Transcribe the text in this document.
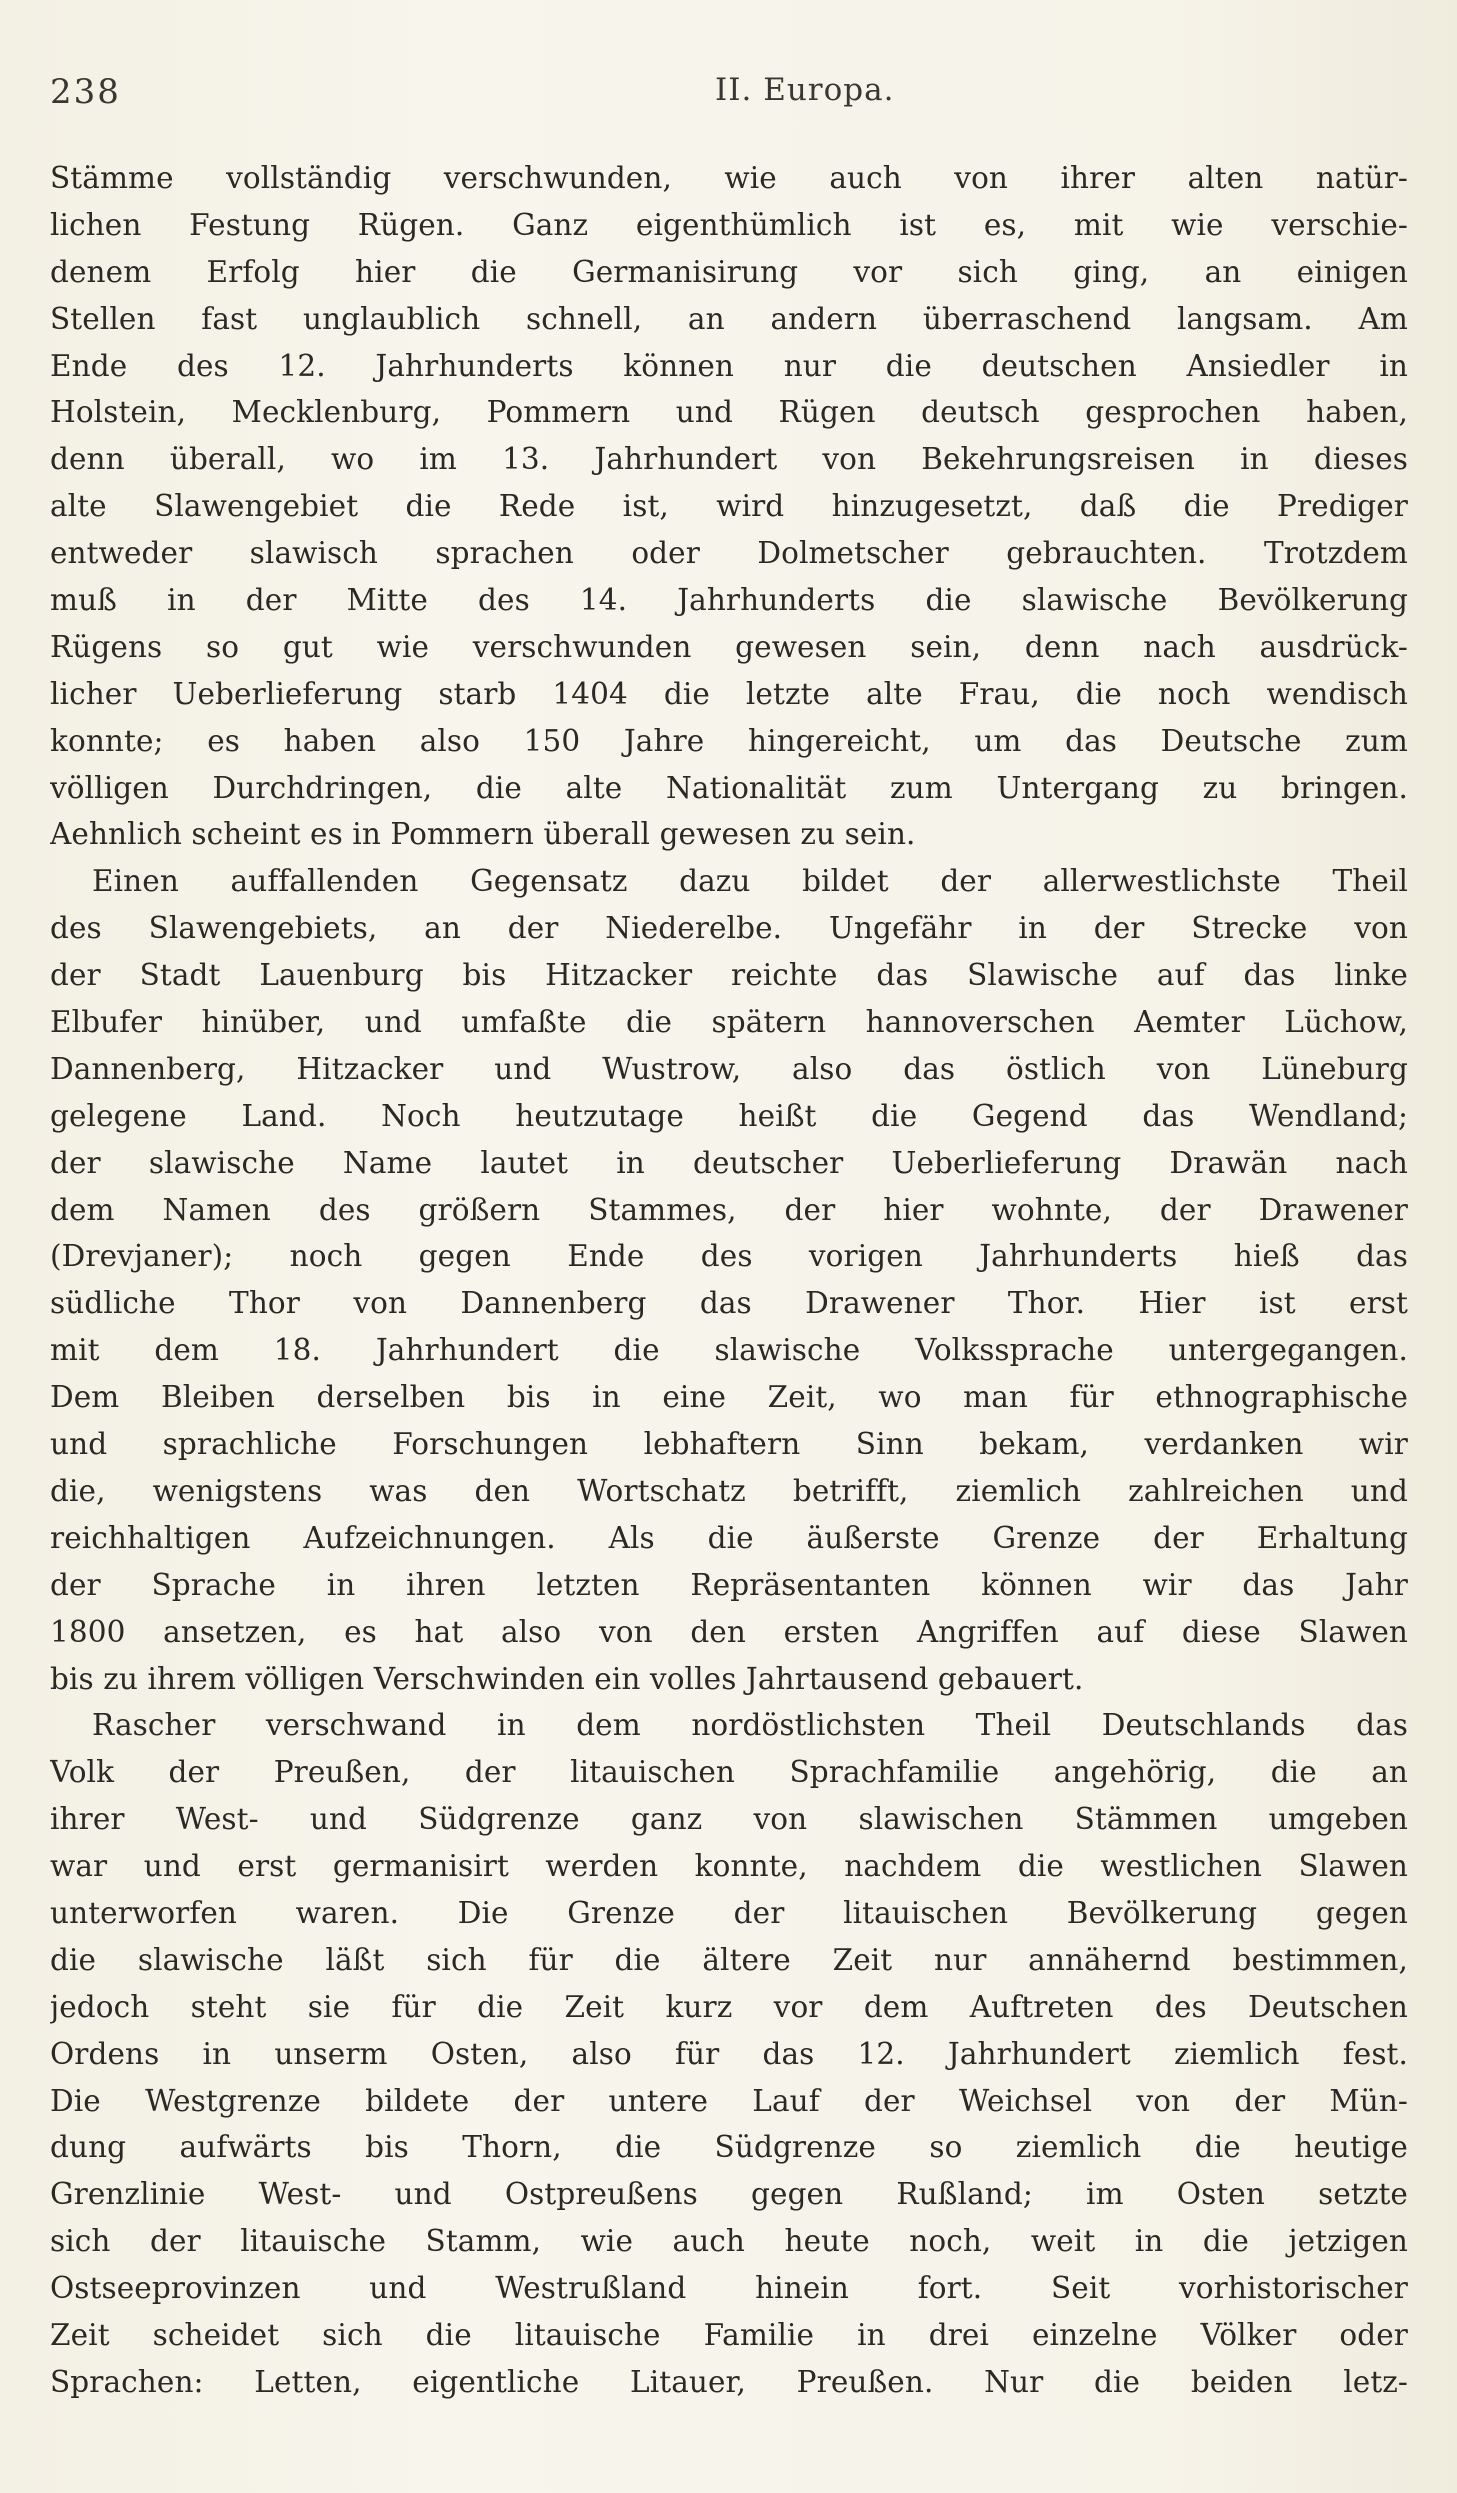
238	II. Europa.
Stämme vollständig verschwunden, wie auch von ihrer alten natür-
lichen Festung Rügen. Ganz eigenthümlich ist es, mit wie verschie-
denem Erfolg hier die Germanisirung vor sich ging, an einigen
Stellen fast unglaublich schnell, an andern überraschend langsam. Am
Ende des 12. Jahrhunderts können nur die deutschen Ansiedler in
Holstein, Mecklenburg, Pommern und Rügen deutsch gesprochen haben,
denn überall, wo im 13. Jahrhundert von Bekehrungsreisen in dieses
alte Slawengebiet die Rede ist, wird hinzugesetzt, daß die Prediger
entweder slawisch sprachen oder Dolmetscher gebrauchten. Trotzdem
muß in der Mitte des 14. Jahrhunderts die slawische Bevölkerung
Rügens so gut wie verschwunden gewesen sein, denn nach ausdrück-
licher Ueberlieferung starb 1404 die letzte alte Frau, die noch wendisch
konnte; es haben also 150 Jahre hingereicht, um das Deutsche zum
völligen Durchdringen, die alte Nationalität zum Untergang zu bringen.
Aehnlich scheint es in Pommern überall gewesen zu sein.
Einen auffallenden Gegensatz dazu bildet der allerwestlichste Theil
des Slawengebiets, an der Niederelbe. Ungefähr in der Strecke von
der Stadt Lauenburg bis Hitzacker reichte das Slawische auf das linke
Elbufer hinüber, und umfaßte die spätern hannoverschen Aemter Lüchow,
Dannenberg, Hitzacker und Wustrow, also das östlich von Lüneburg
gelegene Land. Noch heutzutage heißt die Gegend das Wendland;
der slawische Name lautet in deutscher Ueberlieferung Drawän nach
dem Namen des größern Stammes, der hier wohnte, der Drawener
(Drevjaner); noch gegen Ende des vorigen Jahrhunderts hieß das
südliche Thor von Dannenberg das Drawener Thor. Hier ist erst
mit dem 18. Jahrhundert die slawische Volkssprache untergegangen.
Dem Bleiben derselben bis in eine Zeit, wo man für ethnographische
und sprachliche Forschungen lebhaftern Sinn bekam, verdanken wir
die, wenigstens was den Wortschatz betrifft, ziemlich zahlreichen und
reichhaltigen Aufzeichnungen. Als die äußerste Grenze der Erhaltung
der Sprache in ihren letzten Repräsentanten können wir das Jahr
1800 ansetzen, es hat also von den ersten Angriffen auf diese Slawen
bis zu ihrem völligen Verschwinden ein volles Jahrtausend gebauert.
Rascher verschwand in dem nordöstlichsten Theil Deutschlands das
Volk der Preußen, der litauischen Sprachfamilie angehörig, die an
ihrer West- und Südgrenze ganz von slawischen Stämmen umgeben
war und erst germanisirt werden konnte, nachdem die westlichen Slawen
unterworfen waren. Die Grenze der litauischen Bevölkerung gegen
die slawische läßt sich für die ältere Zeit nur annähernd bestimmen,
jedoch steht sie für die Zeit kurz vor dem Auftreten des Deutschen
Ordens in unserm Osten, also für das 12. Jahrhundert ziemlich fest.
Die Westgrenze bildete der untere Lauf der Weichsel von der Mün-
dung aufwärts bis Thorn, die Südgrenze so ziemlich die heutige
Grenzlinie West- und Ostpreußens gegen Rußland; im Osten setzte
sich der litauische Stamm, wie auch heute noch, weit in die jetzigen
Ostseeprovinzen und Westrußland hinein fort. Seit vorhistorischer
Zeit scheidet sich die litauische Familie in drei einzelne Völker oder
Sprachen: Letten, eigentliche Litauer, Preußen. Nur die beiden letz-
